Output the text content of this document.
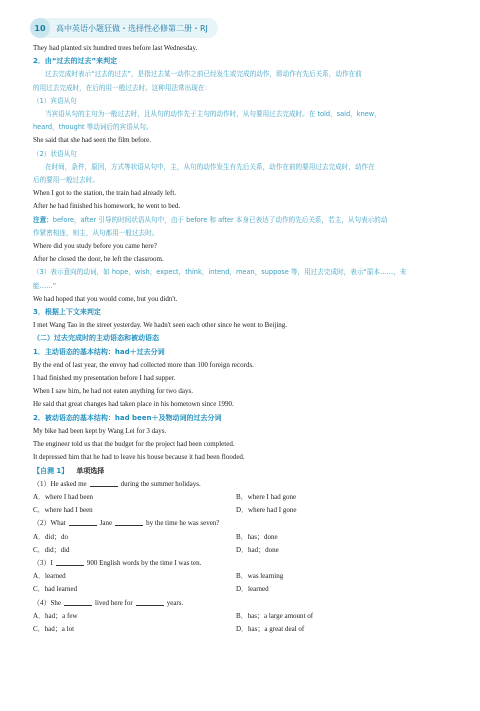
10	高中英语小题狂做・选择性必修第二册・RJ
They had planted six hundred trees before last Wednesday.
2．由“过去的过去”来判定
过去完成时表示“过去的过去”，是指过去某一动作之前已经发生或完成的动作，即动作有先后关系，动作在前
的用过去完成时，在后的用一般过去时。这种用法常出现在：
（1）宾语从句
当宾语从句的主句为一般过去时，且从句的动作先于主句的动作时，从句要用过去完成时。在 told，said，knew，
heard，thought 等动词后的宾语从句。
She said that she had seen the film before.
（2）状语从句
在时间，条件，原因，方式等状语从句中，主，从句的动作发生有先后关系，动作在前的要用过去完成时，动作在
后的要用一般过去时。
When I got to the station, the train had already left.
After he had finished his homework, he went to bed.
注意：before，after 引导的时间状语从句中，由于 before 和 after 本身已表达了动作的先后关系，若主，从句表示的动
作紧密相连，则主，从句都用一般过去时。
Where did you study before you came here?
After he closed the door, he left the classroom.
（3）表示意向的动词，如 hope，wish，expect，think，intend，mean，suppose 等，用过去完成时，表示“原本……，未
能……”
We had hoped that you would come, but you didn't.
3．根据上下文来判定
I met Wang Tao in the street yesterday. We hadn't seen each other since he went to Beijing.
（二）过去完成时的主动语态和被动语态
1．主动语态的基本结构：had＋过去分词
By the end of last year, the envoy had collected more than 100 foreign records.
I had finished my presentation before I had supper.
When I saw him, he had not eaten anything for two days.
He said that great changes had taken place in his hometown since 1990.
2．被动语态的基本结构：had been＋及物动词的过去分词
My bike had been kept by Wang Lei for 3 days.
The engineer told us that the budget for the project had been completed.
It depressed him that he had to leave his house because it had been flooded.
【自测 1】 单项选择
（1）He asked me	during the summer holidays.
A．where I had been	B．where I had gone
C．where had I been	D．where had I gone
（2）What	Jane	by the time he was seven?
A．did；do	B．has；done
C．did；did	D．had；done
（3）I	900 English words by the time I was ten.
A．learned	B．was learning
C．had learned	D．learned
（4）She	lived here for	years.
A．had；a few	B．has；a large amount of
C．had；a lot	D．has；a great deal of
